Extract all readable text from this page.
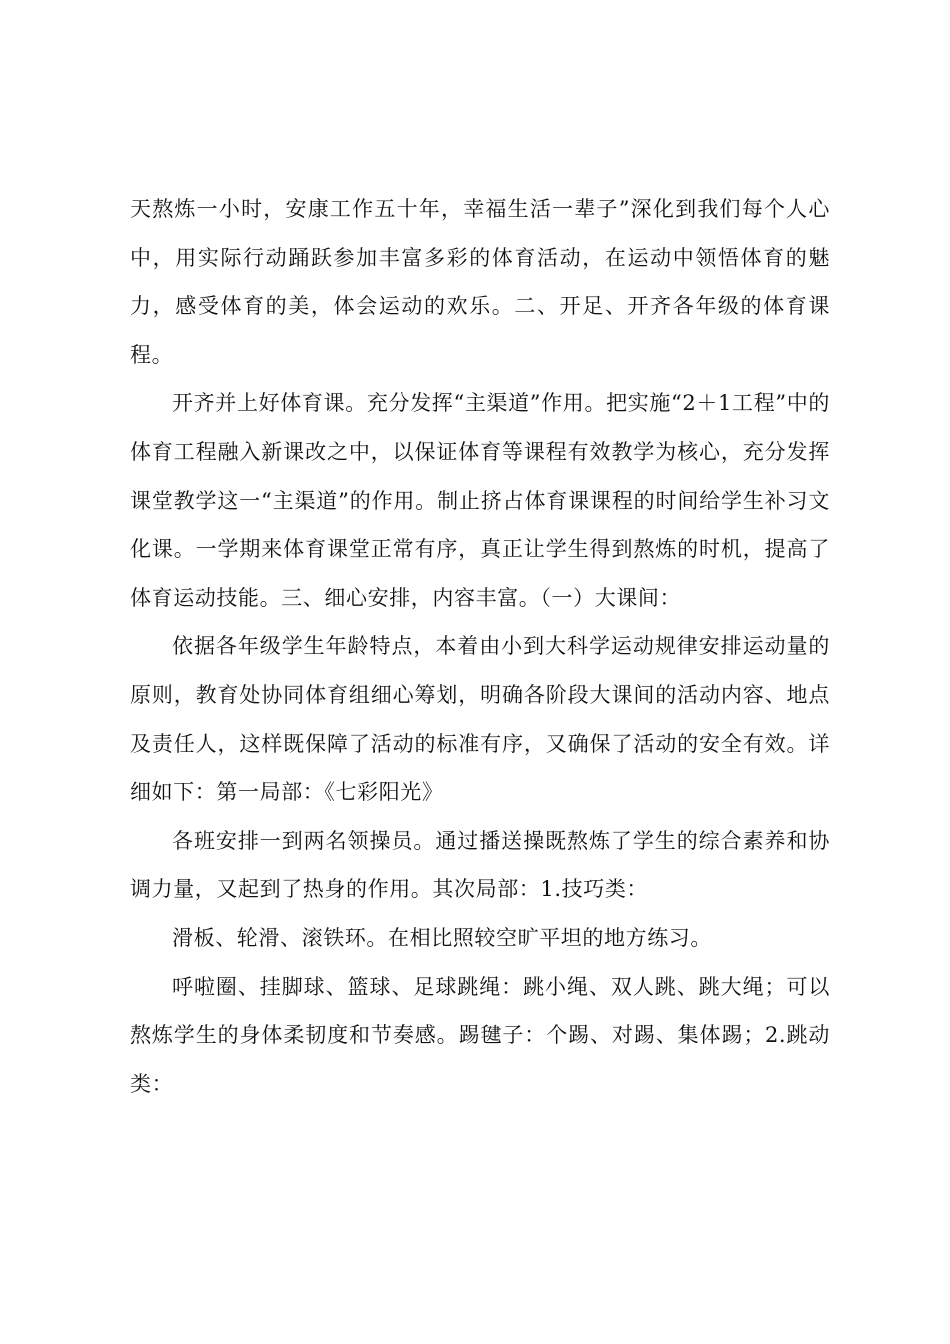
天熬炼一小时，安康工作五十年，幸福生活一辈子”深化到我们每个人心中，用实际行动踊跃参加丰富多彩的体育活动，在运动中领悟体育的魅力，感受体育的美，体会运动的欢乐。二、开足、开齐各年级的体育课程。

开齐并上好体育课。充分发挥“主渠道”作用。把实施“2＋1工程”中的体育工程融入新课改之中，以保证体育等课程有效教学为核心，充分发挥课堂教学这一“主渠道”的作用。制止挤占体育课课程的时间给学生补习文化课。一学期来体育课堂正常有序，真正让学生得到熬炼的时机，提高了体育运动技能。三、细心安排，内容丰富。（一）大课间：

依据各年级学生年龄特点，本着由小到大科学运动规律安排运动量的原则，教育处协同体育组细心筹划，明确各阶段大课间的活动内容、地点及责任人，这样既保障了活动的标准有序，又确保了活动的安全有效。详细如下：第一局部：《七彩阳光》

各班安排一到两名领操员。通过播送操既熬炼了学生的综合素养和协调力量，又起到了热身的作用。其次局部：1.技巧类：

滑板、轮滑、滚铁环。在相比照较空旷平坦的地方练习。

呼啦圈、挂脚球、篮球、足球跳绳：跳小绳、双人跳、跳大绳；可以熬炼学生的身体柔韧度和节奏感。踢毽子：个踢、对踢、集体踢；2.跳动类：
